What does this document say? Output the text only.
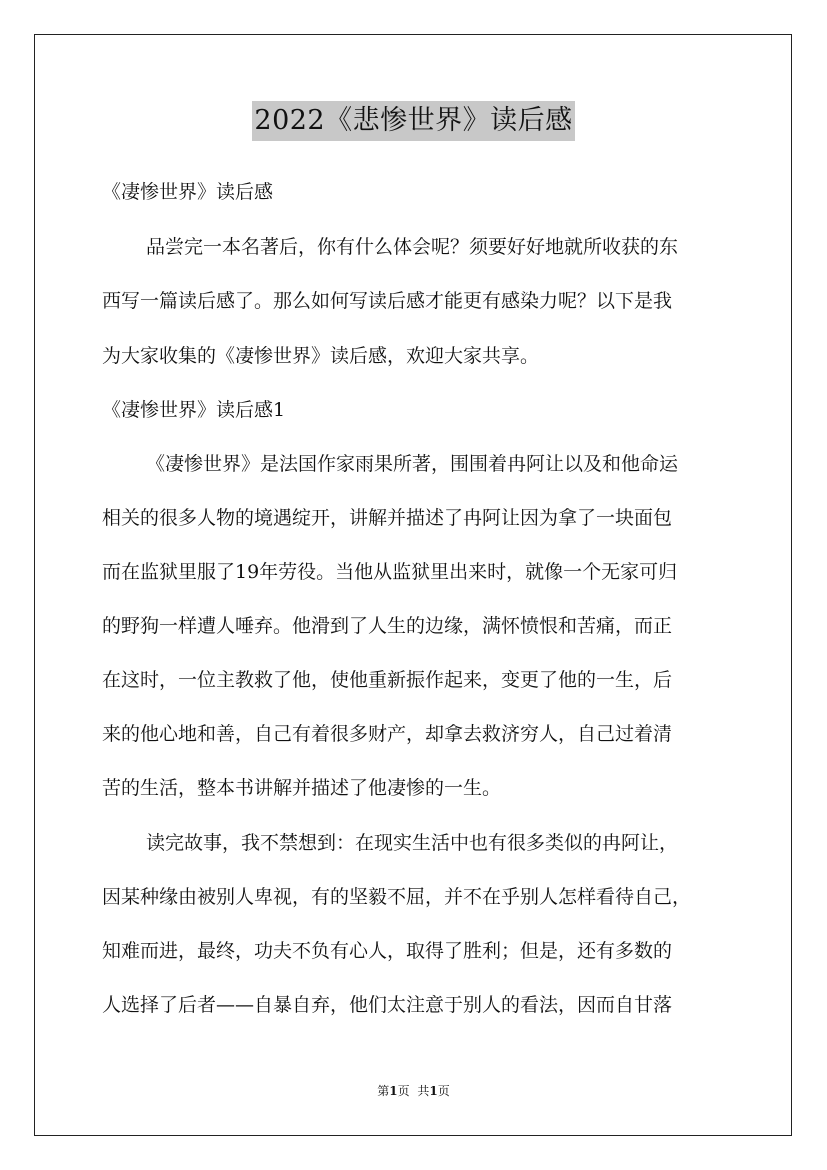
2022《悲惨世界》读后感
《凄惨世界》读后感
品尝完一本名著后，你有什么体会呢？须要好好地就所收获的东
西写一篇读后感了。那么如何写读后感才能更有感染力呢？以下是我
为大家收集的《凄惨世界》读后感，欢迎大家共享。
《凄惨世界》读后感1
《凄惨世界》是法国作家雨果所著，围围着冉阿让以及和他命运
相关的很多人物的境遇绽开，讲解并描述了冉阿让因为拿了一块面包
而在监狱里服了19年劳役。当他从监狱里出来时，就像一个无家可归
的野狗一样遭人唾弃。他滑到了人生的边缘，满怀愤恨和苦痛，而正
在这时，一位主教救了他，使他重新振作起来，变更了他的一生，后
来的他心地和善，自己有着很多财产，却拿去救济穷人，自己过着清
苦的生活，整本书讲解并描述了他凄惨的一生。
读完故事，我不禁想到：在现实生活中也有很多类似的冉阿让，
因某种缘由被别人卑视，有的坚毅不屈，并不在乎别人怎样看待自己，
知难而进，最终，功夫不负有心人，取得了胜利；但是，还有多数的
人选择了后者——自暴自弃，他们太注意于别人的看法，因而自甘落
第1页 共1页
